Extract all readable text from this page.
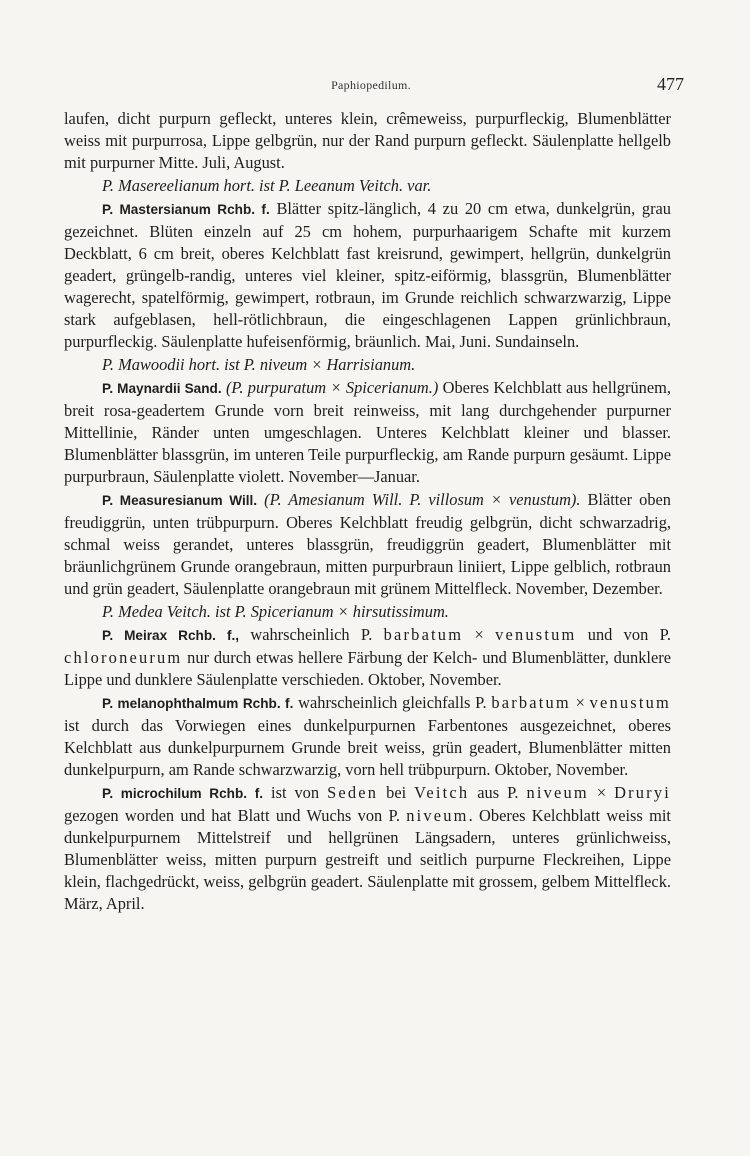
Paphiopedilum.	477

laufen, dicht purpurn gefleckt, unteres klein, crêmeweiss, purpurfleckig, Blumenblätter weiss mit purpurrosa, Lippe gelbgrün, nur der Rand purpurn gefleckt. Säulenplatte hellgelb mit purpurner Mitte. Juli, August.

P. Masereelianum hort. ist P. Leeanum Veitch. var.

P. Mastersianum Rchb. f. Blätter spitz-länglich, 4 zu 20 cm etwa, dunkelgrün, grau gezeichnet. Blüten einzeln auf 25 cm hohem, purpurhaarigem Schafte mit kurzem Deckblatt, 6 cm breit, oberes Kelchblatt fast kreisrund, gewimpert, hellgrün, dunkelgrün geadert, grüngelb-randig, unteres viel kleiner, spitz-eiförmig, blassgrün, Blumenblätter wagerecht, spatelförmig, gewimpert, rotbraun, im Grunde reichlich schwarzwarzig, Lippe stark aufgeblasen, hell-rötlichbraun, die eingeschlagenen Lappen grünlichbraun, purpurfleckig. Säulenplatte hufeisenförmig, bräunlich. Mai, Juni. Sundainseln.

P. Mawoodii hort. ist P. niveum × Harrisianum.

P. Maynardii Sand. (P. purpuratum × Spicerianum.) Oberes Kelchblatt aus hellgrünem, breit rosa-geadertem Grunde vorn breit reinweiss, mit lang durchgehender purpurner Mittellinie, Ränder unten umgeschlagen. Unteres Kelchblatt kleiner und blasser. Blumenblätter blassgrün, im unteren Teile purpurfleckig, am Rande purpurn gesäumt. Lippe purpurbraun, Säulenplatte violett. November—Januar.

P. Measuresianum Will. (P. Amesianum Will. P. villosum × venustum). Blätter oben freudiggrün, unten trübpurpurn. Oberes Kelchblatt freudig gelbgrün, dicht schwarzadrig, schmal weiss gerandet, unteres blassgrün, freudiggrün geadert, Blumenblätter mit bräunlichgrünem Grunde orangebraun, mitten purpurbraun liniiert, Lippe gelblich, rotbraun und grün geadert, Säulenplatte orangebraun mit grünem Mittelfleck. November, Dezember.

P. Medea Veitch. ist P. Spicerianum × hirsutissimum.

P. Meirax Rchb. f., wahrscheinlich P. barbatum × venustum und von P. chloroneurum nur durch etwas hellere Färbung der Kelch- und Blumenblätter, dunklere Lippe und dunklere Säulenplatte verschieden. Oktober, November.

P. melanophthalmum Rchb. f. wahrscheinlich gleichfalls P. barbatum × venustum ist durch das Vorwiegen eines dunkelpurpurnen Farbentones ausgezeichnet, oberes Kelchblatt aus dunkelpurpurnem Grunde breit weiss, grün geadert, Blumenblätter mitten dunkelpurpurn, am Rande schwarzwarzig, vorn hell trübpurpurn. Oktober, November.

P. microchilum Rchb. f. ist von Seden bei Veitch aus P. niveum × Druryi gezogen worden und hat Blatt und Wuchs von P. niveum. Oberes Kelchblatt weiss mit dunkelpurpurnem Mittelstreif und hellgrünen Längsadern, unteres grünlichweiss, Blumenblätter weiss, mitten purpurn gestreift und seitlich purpurne Fleckreihen, Lippe klein, flachgedrückt, weiss, gelbgrün geadert. Säulenplatte mit grossem, gelbem Mittelfleck. März, April.
